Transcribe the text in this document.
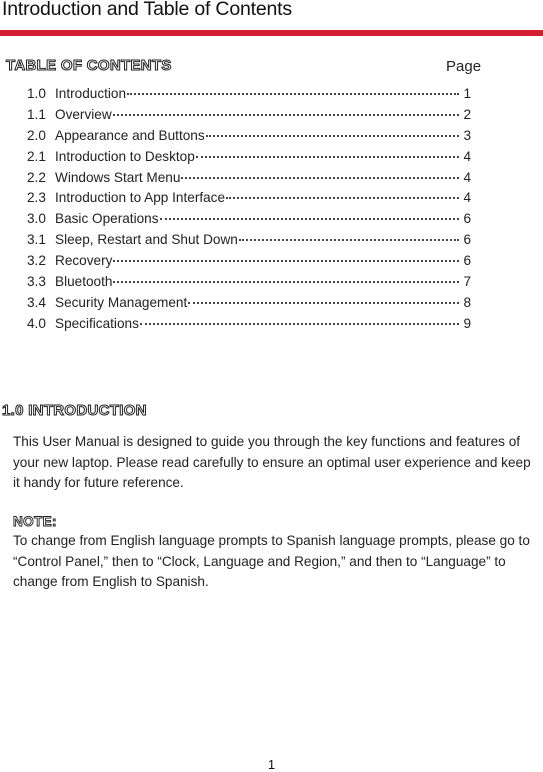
Introduction and Table of Contents
TABLE OF CONTENTS	Page
1.0 Introduction	1
1.1 Overview	2
2.0 Appearance and Buttons	3
2.1 Introduction to Desktop	4
2.2 Windows Start Menu	4
2.3 Introduction to App Interface	4
3.0 Basic Operations	6
3.1 Sleep, Restart and Shut Down	6
3.2 Recovery	6
3.3 Bluetooth	7
3.4 Security Management	8
4.0 Specifications	9
1.0 INTRODUCTION

This User Manual is designed to guide you through the key functions and features of your new laptop. Please read carefully to ensure an optimal user experience and keep it handy for future reference.

NOTE:

To change from English language prompts to Spanish language prompts, please go to “Control Panel,” then to “Clock, Language and Region,” and then to “Language” to change from English to Spanish.

1
